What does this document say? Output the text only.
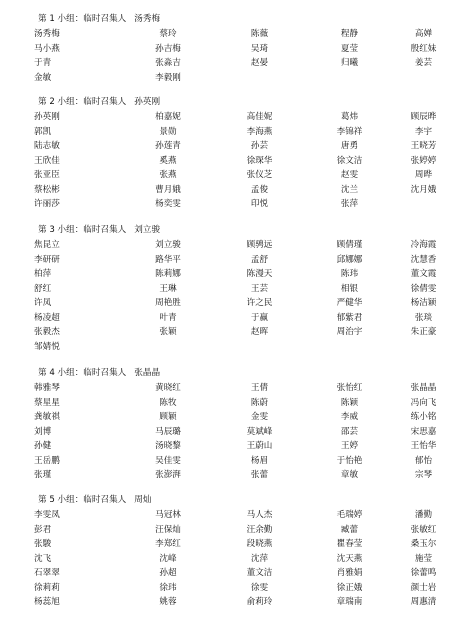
第 1 小组：临时召集人 汤秀梅
汤秀梅	蔡玲	陈薇	程静	高婵
马小燕	孙吉梅	吴琦	夏莹	殷红妹
于青	张淼吉	赵晏	归曦	姜芸
金敏	李毅刚
第 2 小组：临时召集人 孙英刚
孙英刚	柏嘉妮	高佳妮	葛炜	顾辰晔
郭凯	景勋	李海燕	李锦祥	李宇
陆志敏	孙莲青	孙芸	唐勇	王晓芳
王欣佳	奚燕	徐琛华	徐文洁	张婷婷
张亚臣	张燕	张仪芝	赵雯	周晔
蔡松彬	曹月娥	孟俊	沈兰	沈月娥
许丽莎	杨奕雯	印悦	张萍
第 3 小组：临时召集人 刘立骏
焦昆立	刘立骏	顾骋远	顾倩瑾	冷海霞
李研研	路华平	孟舒	邱娜娜	沈慧香
柏萍	陈莉娜	陈漫天	陈玮	董文霞
舒红	王琳	王芸	相银	徐倩雯
许凤	周艳胜	许之民	严健华	杨洁颖
杨凌超	叶青	于赢	郁紫君	张琰
张毅杰	张颖	赵晖	周治宇	朱正豪
邹婧悦
第 4 小组：临时召集人 张晶晶
韩雅琴	黄晓红	王倩	张怡红	张晶晶
蔡星星	陈牧	陈蔚	陈颖	冯向飞
龚敏祺	顾颖	金雯	李威	练小铭
刘博	马辰璐	莫斌峰	邵芸	宋思嘉
孙健	汤晓黎	王蔚山	王婷	王怡华
王岳鹏	吴佳雯	杨眉	于怡艳	郁怡
张瑾	张澎湃	张蕾	章敏	宗琴
第 5 小组：临时召集人 周灿
李雯凤	马冠林	马人杰	毛瑞婷	潘勤
彭君	汪保灿	汪余勤	臧蕾	张敏红
张駿	李郑红	段晓燕	瞿春莹	桑玉尔
沈飞	沈峰	沈萍	沈天燕	施莹
石翠翠	孙超	董文洁	肖雅娟	徐蕾鸣
徐莉莉	徐玮	徐雯	徐正娥	颜士岩
杨蕊旭	姚蓉	俞莉玲	章瑞南	周惠清
